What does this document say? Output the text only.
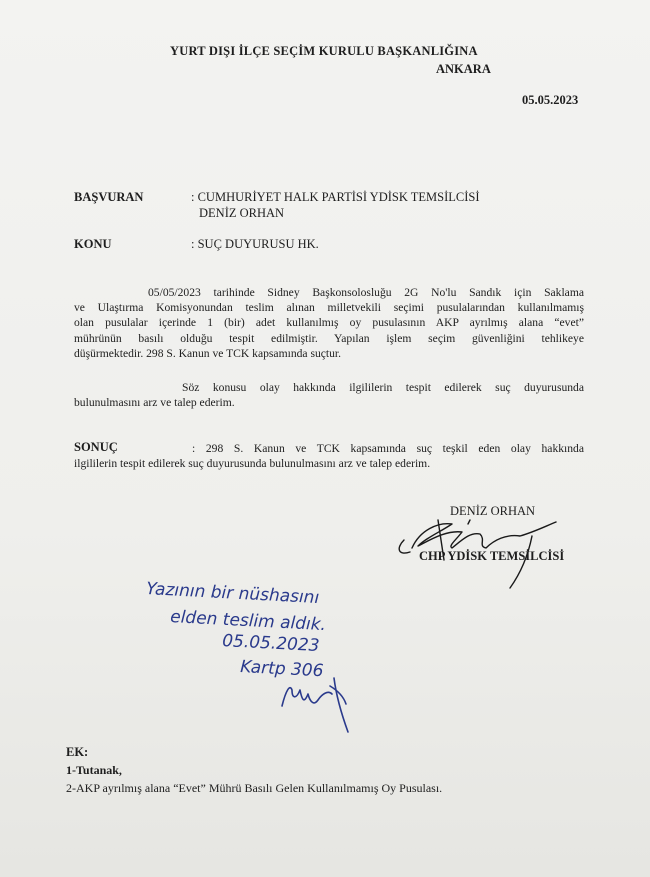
YURT DIŞI İLÇE SEÇİM KURULU BAŞKANLIĞINA
ANKARA
05.05.2023
BAŞVURAN	: CUMHURİYET HALK PARTİSİ YDİSK TEMSİLCİSİ
DENİZ ORHAN
KONU	: SUÇ DUYURUSU HK.
05/05/2023 tarihinde Sidney Başkonsolosluğu 2G No'lu Sandık için Saklama
ve Ulaştırma Komisyonundan teslim alınan milletvekili seçimi pusulalarından kullanılmamış
olan pusulalar içerinde 1 (bir) adet kullanılmış oy pusulasının AKP ayrılmış alana “evet”
mührünün basılı olduğu tespit edilmiştir. Yapılan işlem seçim güvenliğini tehlikeye
düşürmektedir. 298 S. Kanun ve TCK kapsamında suçtur.
Söz konusu olay hakkında ilgililerin tespit edilerek suç duyurusunda
bulunulmasını arz ve talep ederim.
SONUÇ	: 298 S. Kanun ve TCK kapsamında suç teşkil eden olay hakkında
ilgililerin tespit edilerek suç duyurusunda bulunulmasını arz ve talep ederim.
DENİZ ORHAN
CHP YDİSK TEMSİLCİSİ
Yazının bir nüshasını
elden teslim aldık.
05.05.2023
Kartp 306
EK:
1-Tutanak,
2-AKP ayrılmış alana “Evet” Mührü Basılı Gelen Kullanılmamış Oy Pusulası.
